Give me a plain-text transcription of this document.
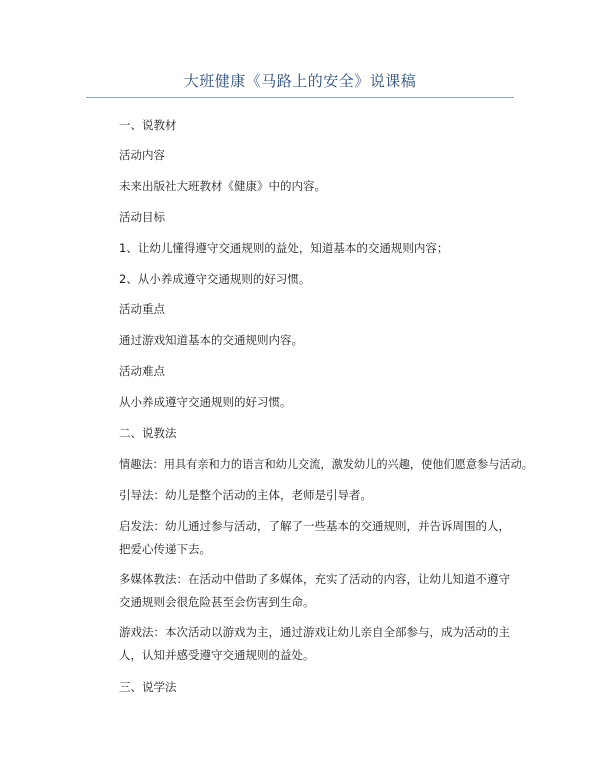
大班健康《马路上的安全》说课稿
一、说教材
活动内容
未来出版社大班教材《健康》中的内容。
活动目标
1、让幼儿懂得遵守交通规则的益处，知道基本的交通规则内容；
2、从小养成遵守交通规则的好习惯。
活动重点
通过游戏知道基本的交通规则内容。
活动难点
从小养成遵守交通规则的好习惯。
二、说教法
情趣法：用具有亲和力的语言和幼儿交流，激发幼儿的兴趣，使他们愿意参与活动。
引导法：幼儿是整个活动的主体，老师是引导者。
启发法：幼儿通过参与活动，了解了一些基本的交通规则，并告诉周围的人，把爱心传递下去。
多媒体教法：在活动中借助了多媒体，充实了活动的内容，让幼儿知道不遵守交通规则会很危险甚至会伤害到生命。
游戏法：本次活动以游戏为主，通过游戏让幼儿亲自全部参与，成为活动的主人，认知并感受遵守交通规则的益处。
三、说学法
